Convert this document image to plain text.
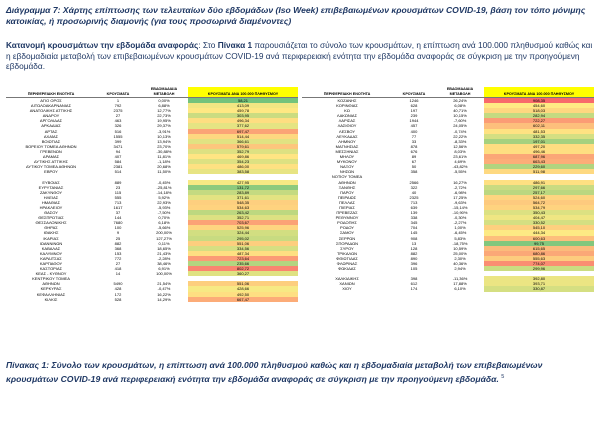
Διάγραμμα 7: Χάρτης επίπτωσης των τελευταίων δύο εβδομάδων (Iso Week) επιβεβαιωμένων κρουσμάτων COVID-19, βάση τον τόπο μόνιμης κατοικίας, ή προσωρινής διαμονής (για τους προσωρινά διαμένοντες)
Κατανομή κρουσμάτων την εβδομάδα αναφοράς: Στο Πίνακα 1 παρουσιάζεται το σύνολο των κρουσμάτων, η επίπτωση ανά 100.000 πληθυσμού καθώς και η εβδομαδιαία μεταβολή των επιβεβαιωμένων κρουσμάτων COVID-19 ανά περιφερειακή ενότητα την εβδομάδα αναφοράς σε σύγκριση με την προηγούμενη εβδομάδα.
ΠΕΡΙΦΕΡΕΙΑΚΗ ΕΝΟΤΗΤΑ	ΚΡΟΥΣΜΑΤΑ	ΕΒΔΟΜΑΔΙΑΙΑ ΜΕΤΑΒΟΛΗ	ΚΡΟΥΣΜΑΤΑ ΑΝΑ 100.000 ΠΛΗΘΥΣΜΟΥ
ΑΓΙΟ ΟΡΟΣ	1	0,00%	58,21
ΑΙΤΩΛΟΑΚΑΡΝΑΝΙΑΣ	792	6,88%	413,09
ΑΝΑΤΟΛΙΚΗΣ ΑΤΤΙΚΗΣ	2375	12,77%	459,78
ΑΝΔΡΟΥ	27	22,73%	303,95
ΑΡΓΟΛΙΔΑΣ	463	19,95%	496,34
ΑΡΚΑΔΙΑΣ	326	29,37%	377,62
ΑΡΤΑΣ	516	-3,91%	697,47
ΑΧΑΪΑΣ	1555	10,13%	514,44
ΒΟΙΩΤΙΑΣ	399	13,94%	366,61
ΒΟΡΕΙΟΥ ΤΟΜΕΑ ΑΘΗΝΩΝ	3471	23,70%	579,61
ΓΡΕΒΕΝΩΝ	94	-30,88%	352,79
ΔΡΑΜΑΣ	407	11,81%	469,86
ΔΥΤΙΚΗΣ ΑΤΤΙΚΗΣ	584	-1,18%	354,23
ΔΥΤΙΚΟΥ ΤΟΜΕΑ ΑΘΗΝΩΝ	2381	20,68%	486,00
ΕΒΡΟΥ	514	11,50%	383,58

ΕΥΒΟΙΑΣ	889	-0,45%	427,95
ΕΥΡΥΤΑΝΙΑΣ	23	-25,81%	131,72
ΖΑΚΥΝΘΟΥ	115	-14,18%	283,89
ΗΛΕΙΑΣ	555	5,92%	371,61
ΗΜΑΘΙΑΣ	713	22,93%	548,35
ΗΡΑΚΛΕΙΟΥ	1617	-5,93%	534,63
ΘΑΣΟΥ	37	-7,50%	263,42
ΘΕΣΠΡΩΤΙΑΣ	144	0,70%	352,71
ΘΕΣΣΑΛΟΝΙΚΗΣ	7680	6,18%	703,67
ΘΗΡΑΣ	100	-5,66%	525,96
ΙΘΑΚΗΣ	9	200,00%	324,44
ΙΚΑΡΙΑΣ	25	127,27%	295,02
ΙΩΑΝΝΙΝΩΝ	882	0,11%	551,06
ΚΑΒΑΛΑΣ	368	18,65%	334,56
ΚΑΛΥΜΝΟΥ	153	21,43%	487,34
ΚΑΡΔΙΤΣΑΣ	772	-2,28%	723,64
ΚΑΡΠΑΘΟΥ	27	38,46%	235,66
ΚΑΣΤΟΡΙΑΣ	418	6,91%	802,72
ΚΕΑΣ - ΚΥΘΝΟΥ	14	100,00%	360,27
ΚΕΝΤΡΙΚΟΥ ΤΟΜΕΑ			
ΑΘΗΝΩΝ	5490	21,54%	551,06
ΚΕΡΚΥΡΑΣ	428	-0,47%	428,66
ΚΕΦΑΛΛΗΝΙΑΣ	172	16,22%	492,50
ΚΙΛΚΙΣ	528	14,29%	667,47
ΠΕΡΙΦΕΡΕΙΑΚΗ ΕΝΟΤΗΤΑ	ΚΡΟΥΣΜΑΤΑ	ΕΒΔΟΜΑΔΙΑΙΑ ΜΕΤΑΒΟΛΗ	ΚΡΟΥΣΜΑΤΑ ΑΝΑ 100.000 ΠΛΗΘΥΣΜΟΥ
ΚΟΖΑΝΗΣ	1246	26,24%	908,35
ΚΟΡΙΝΘΙΑΣ	628	6,08%	454,60
ΚΩ	197	40,71%	518,03
ΛΑΚΩΝΙΑΣ	239	10,15%	282,94
ΛΑΡΙΣΑΣ	1944	-7,60%	722,27
ΛΑΣΙΘΙΟΥ	457	24,05%	602,11
ΛΕΣΒΟΥ	400	-0,74%	481,53
ΛΕΥΚΑΔΑΣ	77	22,22%	332,35
ΛΗΜΝΟΥ	33	-8,33%	197,01
ΜΑΓΝΗΣΙΑΣ	878	12,56%	497,20
ΜΕΣΣΗΝΙΑΣ	676	8,03%	496,46
ΜΗΛΟΥ	89	23,61%	687,96
ΜΥΚΟΝΟΥ	67	4,69%	663,43
ΝΑΞΟΥ	50	-43,82%	229,60
ΝΗΣΩΝ	358	-5,55%	511,98
ΝΟΤΙΟΥ ΤΟΜΕΑ			
ΑΘΗΝΩΝ	2566	16,27%	486,91
ΞΑΝΘΗΣ	322	-2,72%	297,66
ΠΑΡΟΥ	40	-6,98%	257,17
ΠΕΙΡΑΙΩΣ	2325	17,25%	524,60
ΠΕΛΛΑΣ	713	-9,63%	564,72
ΠΙΕΡΙΑΣ	639	-15,14%	534,79
ΠΡΕΒΕΖΑΣ	139	-10,90%	350,43
ΡΕΘΥΜΝΟΥ	338	-0,30%	404,47
ΡΟΔΟΠΗΣ	345	-2,27%	330,52
ΡΟΔΟΥ	704	1,00%	545,10
ΣΑΜΟΥ	145	-6,45%	444,34
ΣΕΡΡΩΝ	908	5,83%	600,63
ΣΠΟΡΑΔΩΝ	13	-18,75%	99,75
ΣΥΡΟΥ	128	10,59%	615,65
ΤΡΙΚΑΛΩΝ	882	25,00%	680,86
ΦΘΙΩΤΙΔΑΣ	890	2,30%	555,63
ΦΛΩΡΙΝΑΣ	396	40,36%	774,07
ΦΩΚΙΔΑΣ	105	2,94%	299,96

ΧΑΛΚΙΔΙΚΗΣ	398	-11,36%	392,80
ΧΑΝΙΩΝ	612	17,88%	393,71
ΧΙΟΥ	174	6,10%	330,87
Πίνακας 1: Σύνολο των κρουσμάτων, η επίπτωση ανά 100.000 πληθυσμού καθώς και η εβδομαδιαία μεταβολή των επιβεβαιωμένων κρουσμάτων COVID-19 ανά περιφερειακή ενότητα την εβδομάδα αναφοράς σε σύγκριση με την προηγούμενη εβδομάδα. $^5$
